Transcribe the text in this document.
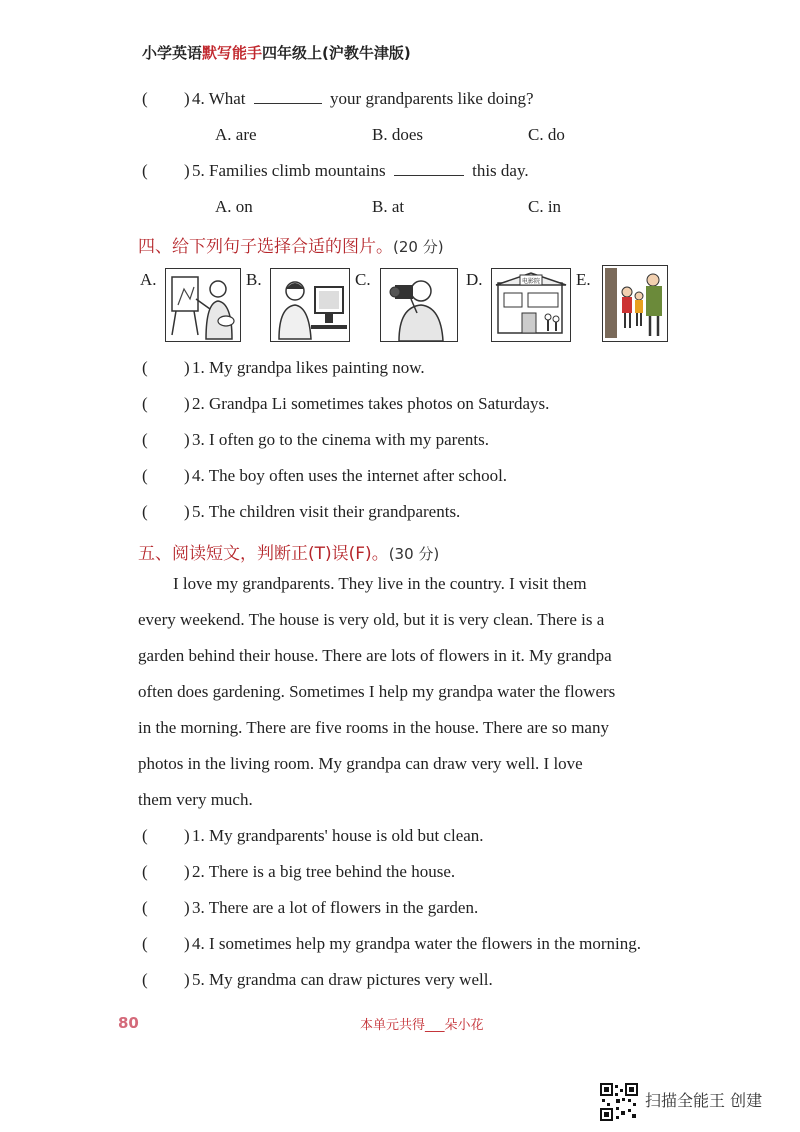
小学英语默写能手四年级上(沪教牛津版)
( ) 4. What	your grandparents like doing?
A. are	B. does	C. do
( ) 5. Families climb mountains	this day.
A. on	B. at	C. in
四、给下列句子选择合适的图片。(20 分)
A.	B.	C.	D.	电影院 E.
( ) 1. My grandpa likes painting now.
( ) 2. Grandpa Li sometimes takes photos on Saturdays.
( ) 3. I often go to the cinema with my parents.
( ) 4. The boy often uses the internet after school.
( ) 5. The children visit their grandparents.
五、阅读短文，判断正(T)误(F)。(30 分)
I love my grandparents. They live in the country. I visit them
every weekend. The house is very old, but it is very clean. There is a
garden behind their house. There are lots of flowers in it. My grandpa
often does gardening. Sometimes I help my grandpa water the flowers
in the morning. There are five rooms in the house. There are so many
photos in the living room. My grandpa can draw very well. I love
them very much.
( ) 1. My grandparents' house is old but clean.
( ) 2. There is a big tree behind the house.
( ) 3. There are a lot of flowers in the garden.
( ) 4. I sometimes help my grandpa water the flowers in the morning.
( ) 5. My grandma can draw pictures very well.
80	本单元共得___朵小花
扫描全能王 创建
